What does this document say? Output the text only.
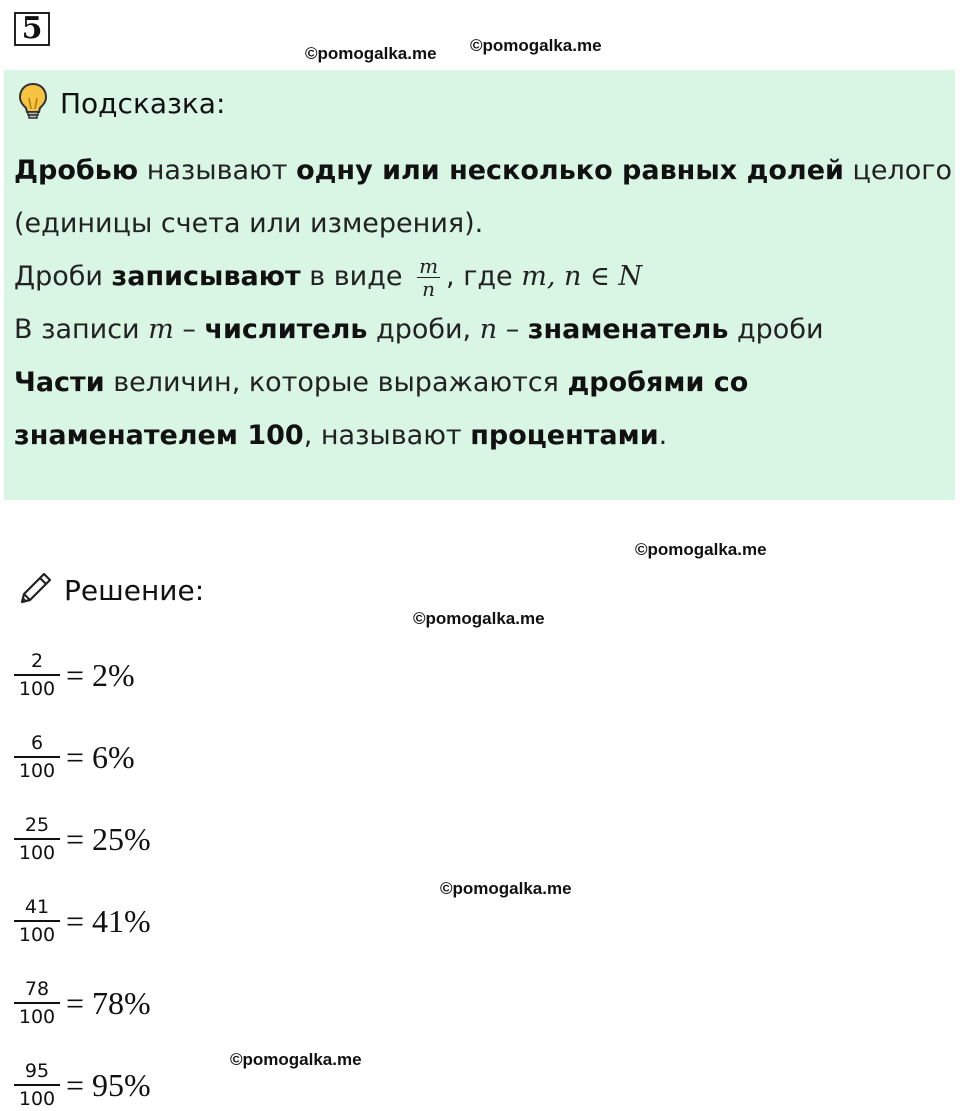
5
©pomogalka.me ©pomogalka.me
Подсказка:
Дробью называют одну или несколько равных долей целого
(единицы счета или измерения).
Дроби записывают в виде $\frac{m}{n}$ , где m, n ∈ N
В записи m – числитель дроби, n – знаменатель дроби
Части величин, которые выражаются дробями со
знаменателем 100, называют процентами.
©pomogalka.me
Решение:
©pomogalka.me
$\frac{2}{100} = 2\%$
$\frac{6}{100} = 6\%$
$\frac{25}{100} = 25\%$
$\frac{41}{100} = 41\%$
$\frac{78}{100} = 78\%$
$\frac{95}{100} = 95\%$
©pomogalka.me
©pomogalka.me
